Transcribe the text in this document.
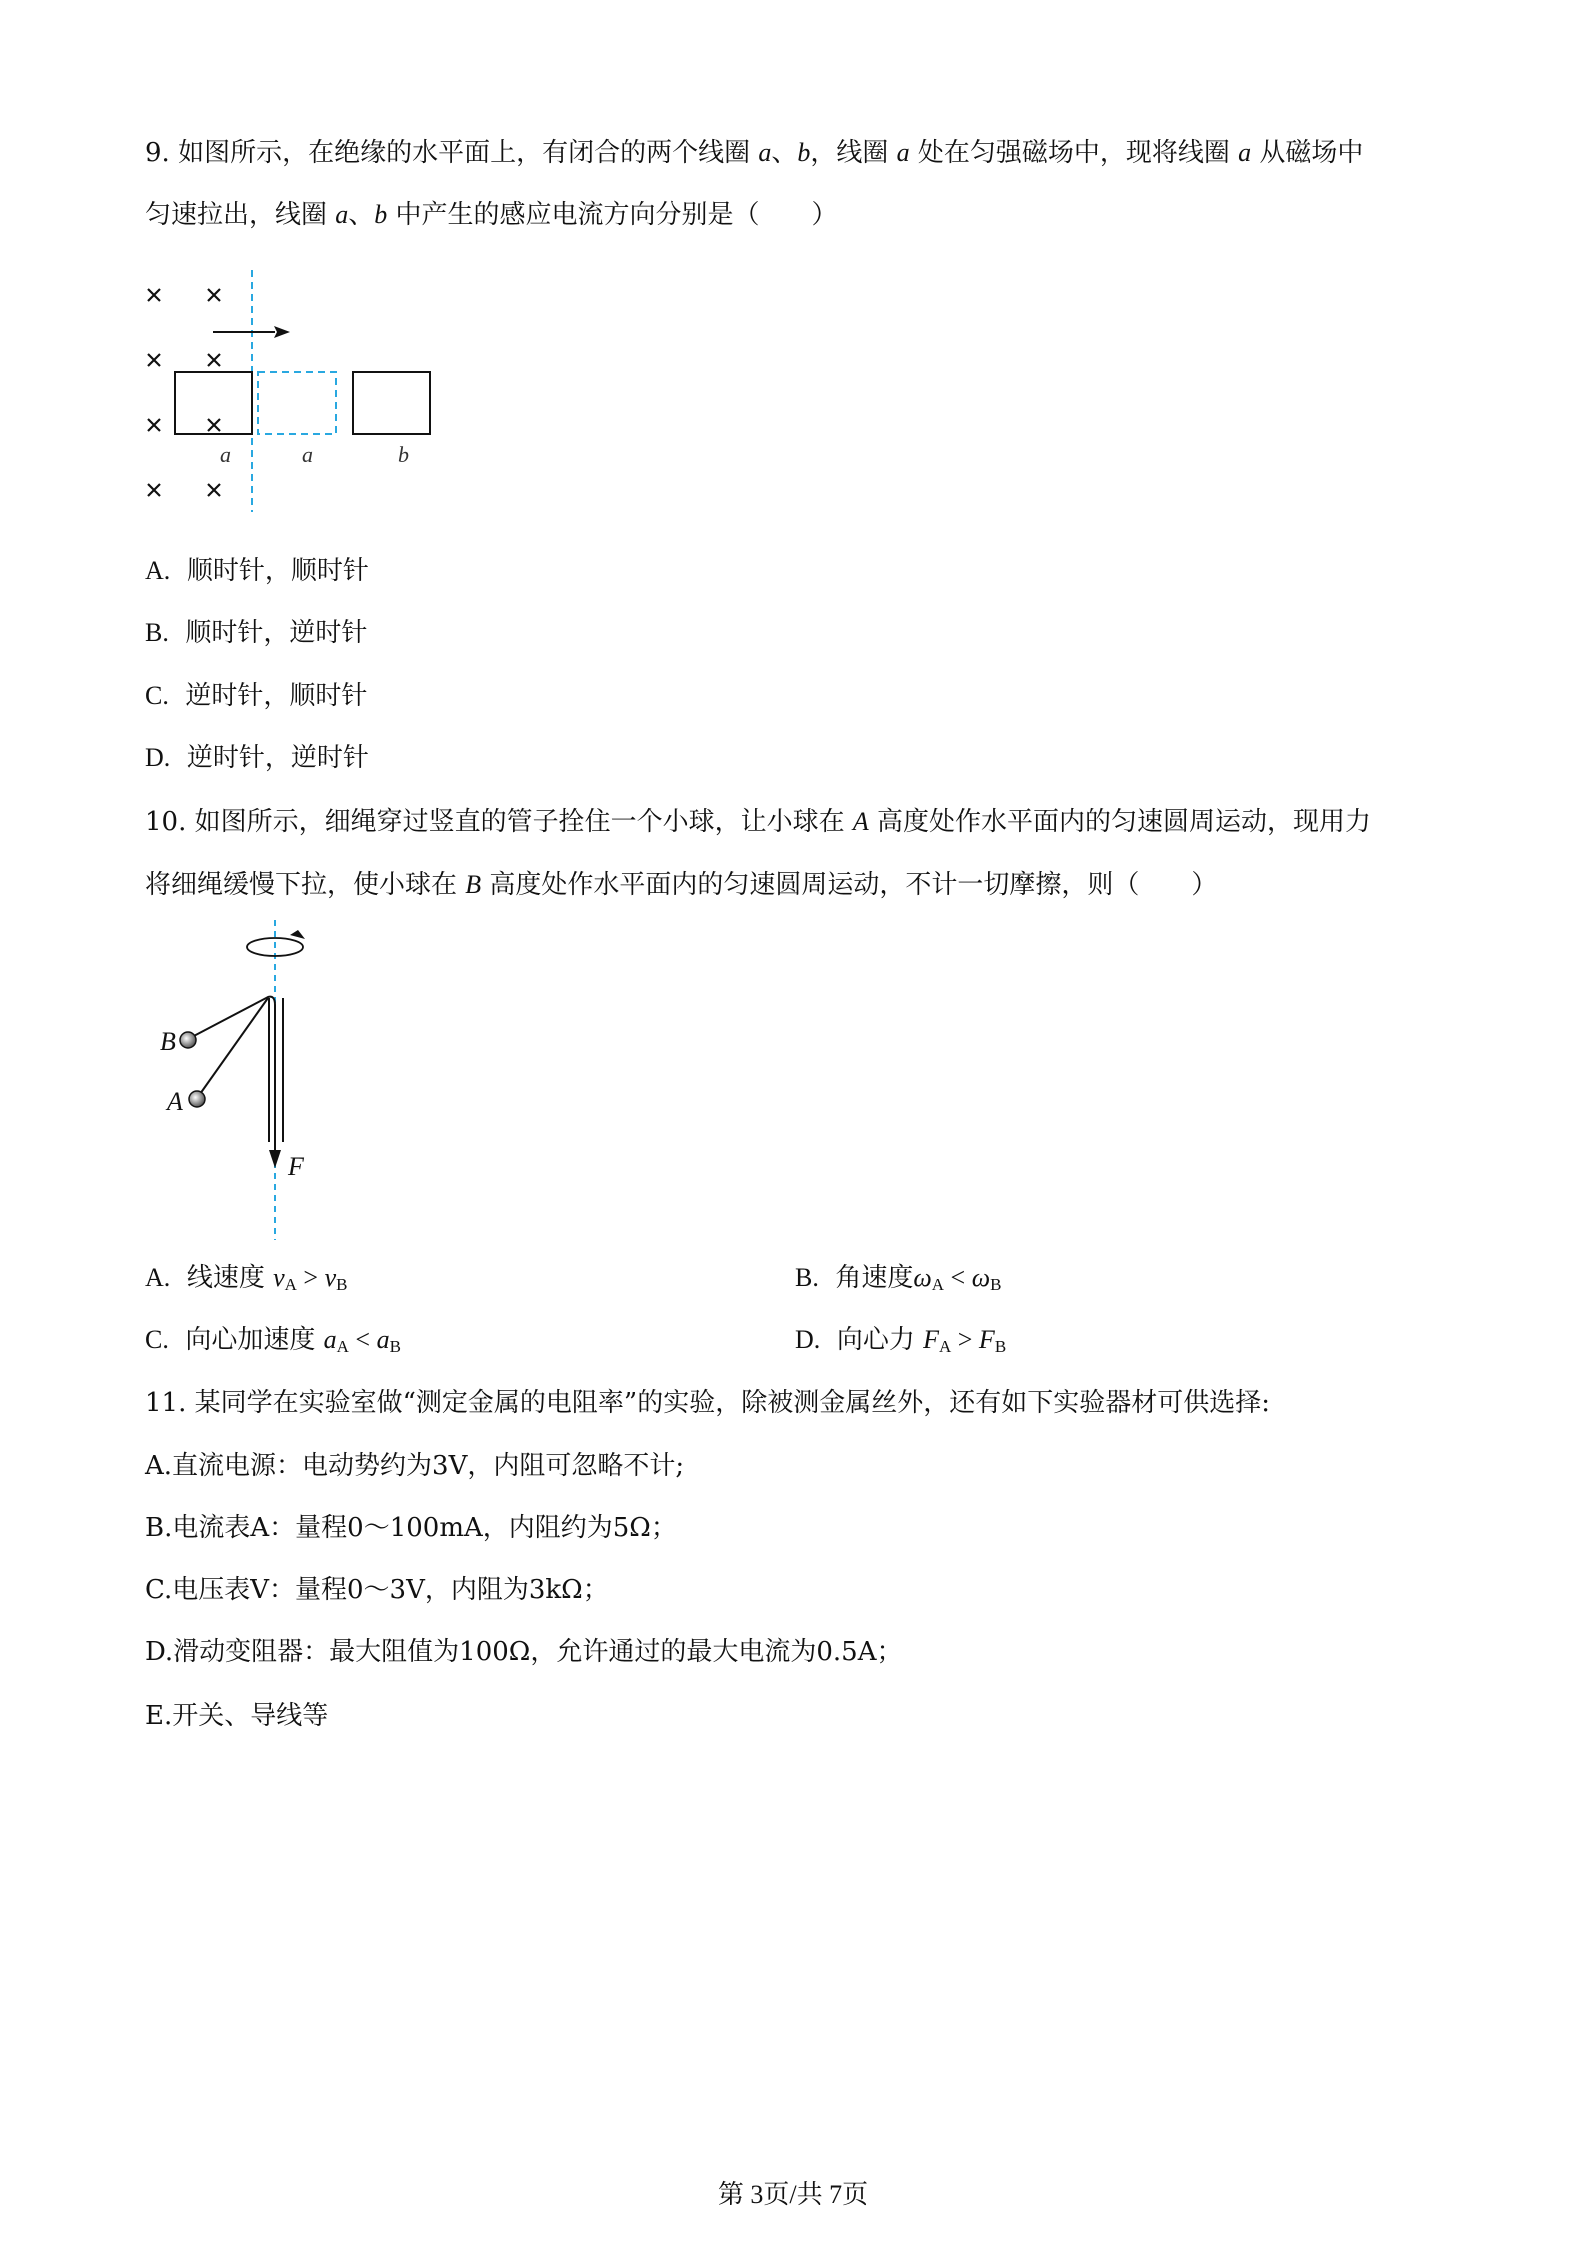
9. 如图所示，在绝缘的水平面上，有闭合的两个线圈 a、b，线圈 a 处在匀强磁场中，现将线圈 a 从磁场中
匀速拉出，线圈 a、b 中产生的感应电流方向分别是（　　）
a	a	b
A. 顺时针，顺时针
B. 顺时针，逆时针
C. 逆时针，顺时针
D. 逆时针，逆时针
10. 如图所示，细绳穿过竖直的管子拴住一个小球，让小球在 A 高度处作水平面内的匀速圆周运动，现用力
将细绳缓慢下拉，使小球在 B 高度处作水平面内的匀速圆周运动，不计一切摩擦，则（　　）
B
A
F
A. 线速度 $v_A > v_B$	B. 角速度$\omega_A < \omega_B$
C. 向心加速度 $a_A < a_B$	D. 向心力 $F_A > F_B$
11. 某同学在实验室做“测定金属的电阻率”的实验，除被测金属丝外，还有如下实验器材可供选择:
A.直流电源：电动势约为3V，内阻可忽略不计;
B.电流表A：量程0～100mA，内阻约为5Ω；
C.电压表V：量程0～3V，内阻为3kΩ；
D.滑动变阻器：最大阻值为100Ω，允许通过的最大电流为0.5A；
E.开关、导线等
第 3页/共 7页
